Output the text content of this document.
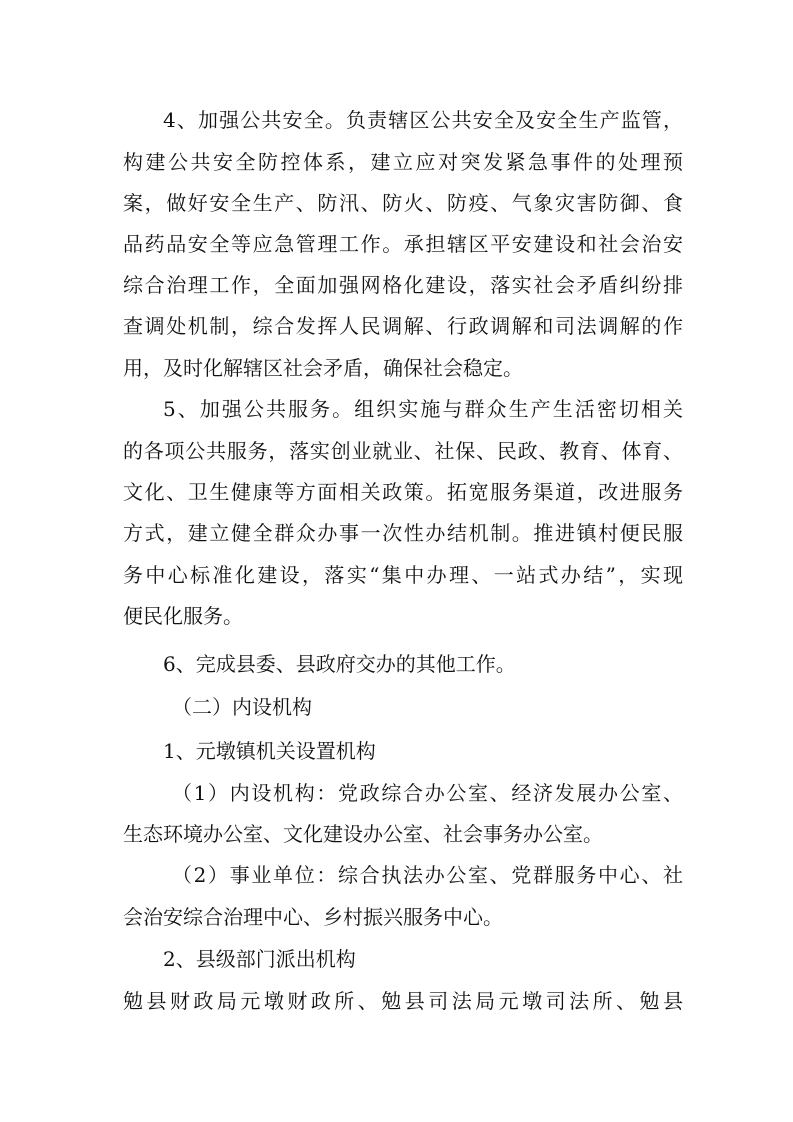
4、加强公共安全。负责辖区公共安全及安全生产监管，
构建公共安全防控体系，建立应对突发紧急事件的处理预
案，做好安全生产、防汛、防火、防疫、气象灾害防御、食
品药品安全等应急管理工作。承担辖区平安建设和社会治安
综合治理工作，全面加强网格化建设，落实社会矛盾纠纷排
查调处机制，综合发挥人民调解、行政调解和司法调解的作
用，及时化解辖区社会矛盾，确保社会稳定。
5、加强公共服务。组织实施与群众生产生活密切相关
的各项公共服务，落实创业就业、社保、民政、教育、体育、
文化、卫生健康等方面相关政策。拓宽服务渠道，改进服务
方式，建立健全群众办事一次性办结机制。推进镇村便民服
务中心标准化建设，落实“集中办理、一站式办结”，实现
便民化服务。
6、完成县委、县政府交办的其他工作。
（二）内设机构
1、元墩镇机关设置机构
（1）内设机构：党政综合办公室、经济发展办公室、
生态环境办公室、文化建设办公室、社会事务办公室。
（2）事业单位：综合执法办公室、党群服务中心、社
会治安综合治理中心、乡村振兴服务中心。
2、县级部门派出机构
勉县财政局元墩财政所、勉县司法局元墩司法所、勉县
